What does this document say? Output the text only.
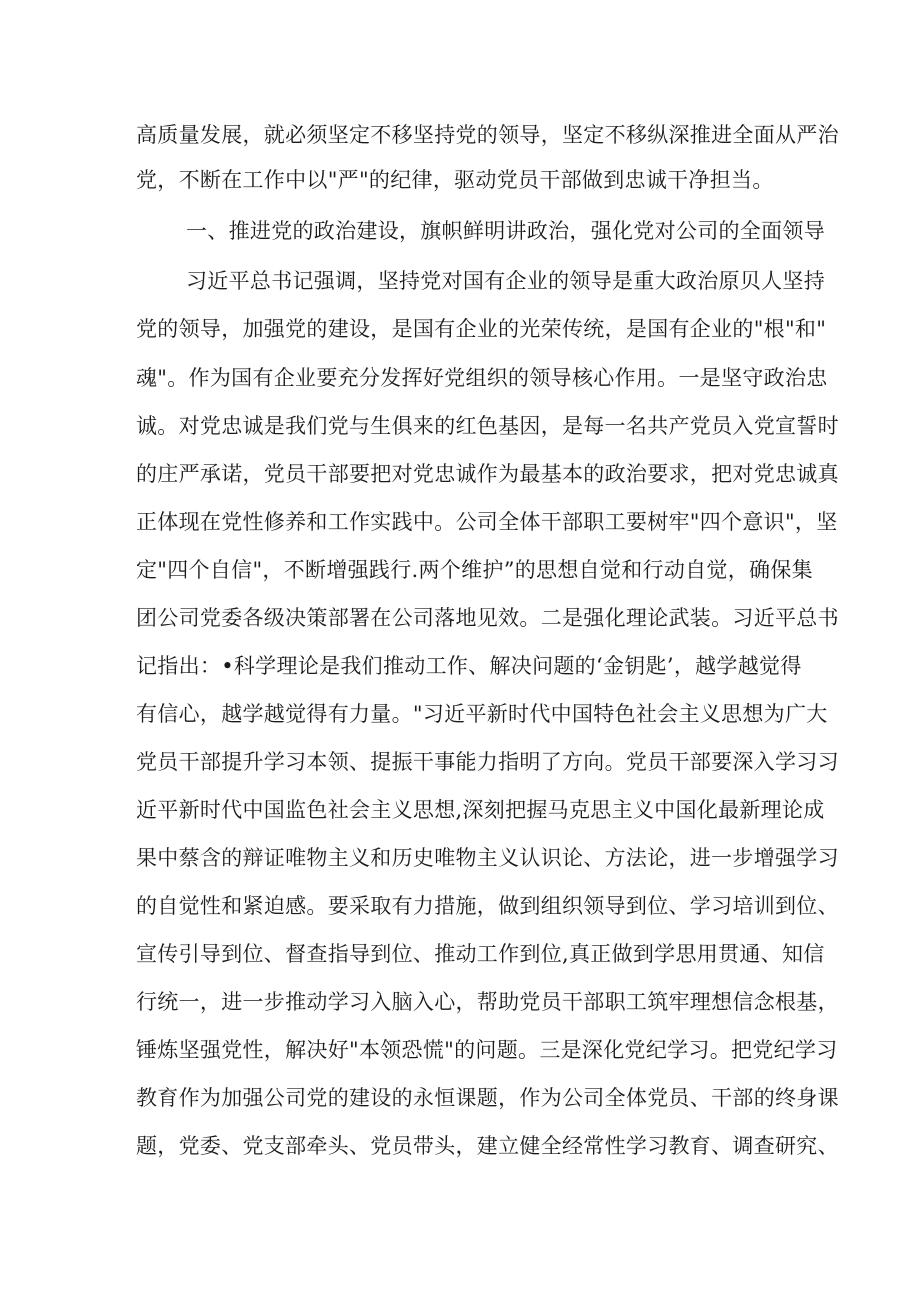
高质量发展，就必须坚定不移坚持党的领导，坚定不移纵深推进全面从严治
党，不断在工作中以"严"的纪律，驱动党员干部做到忠诚干净担当。
一、推进党的政治建设，旗帜鲜明讲政治，强化党对公司的全面领导
习近平总书记强调，坚持党对国有企业的领导是重大政治原贝人坚持
党的领导，加强党的建设，是国有企业的光荣传统，是国有企业的"根"和"
魂"。作为国有企业要充分发挥好党组织的领导核心作用。一是坚守政治忠
诚。对党忠诚是我们党与生俱来的红色基因，是每一名共产党员入党宣誓时
的庄严承诺，党员干部要把对党忠诚作为最基本的政治要求，把对党忠诚真
正体现在党性修养和工作实践中。公司全体干部职工要树牢"四个意识"，坚
定"四个自信"，不断增强践行.两个维护”的思想自觉和行动自觉，确保集
团公司党委各级决策部署在公司落地见效。二是强化理论武装。习近平总书
记指出：•科学理论是我们推动工作、解决问题的‘金钥匙’，越学越觉得
有信心，越学越觉得有力量。"习近平新时代中国特色社会主义思想为广大
党员干部提升学习本领、提振干事能力指明了方向。党员干部要深入学习习
近平新时代中国监色社会主义思想,深刻把握马克思主义中国化最新理论成
果中蔡含的辩证唯物主义和历史唯物主义认识论、方法论，进一步增强学习
的自觉性和紧迫感。要采取有力措施，做到组织领导到位、学习培训到位、
宣传引导到位、督查指导到位、推动工作到位,真正做到学思用贯通、知信
行统一，进一步推动学习入脑入心，帮助党员干部职工筑牢理想信念根基，
锤炼坚强党性，解决好"本领恐慌"的问题。三是深化党纪学习。把党纪学习
教育作为加强公司党的建设的永恒课题，作为公司全体党员、干部的终身课
题，党委、党支部牵头、党员带头，建立健全经常性学习教育、调查研究、
